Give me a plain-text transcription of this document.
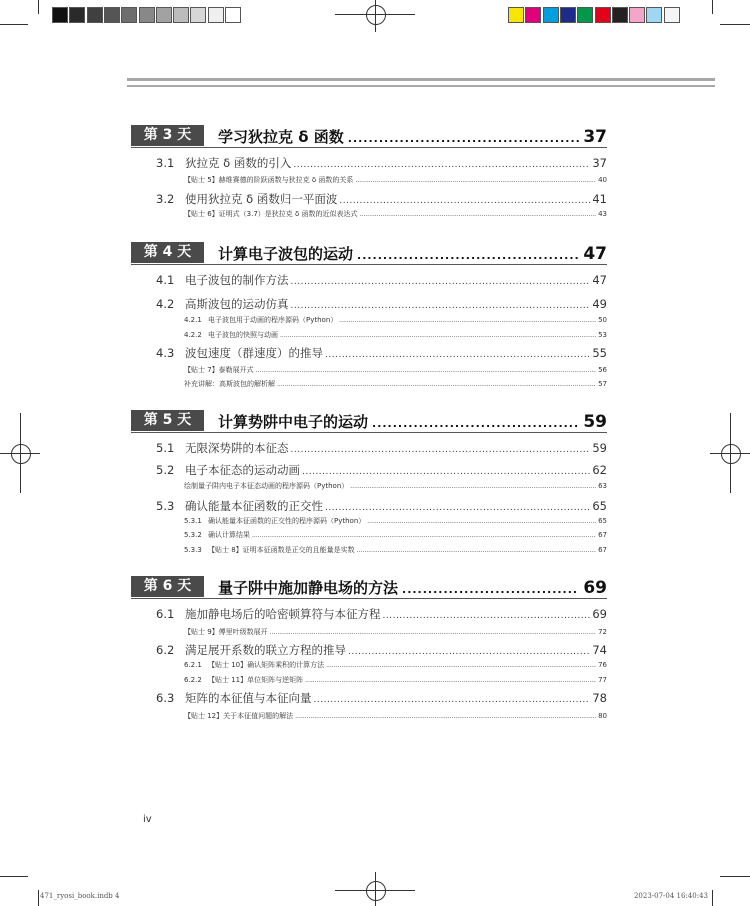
第 3 天	学习狄拉克 δ 函数 .....	37
3.1 狄拉克 δ 函数的引入 .....	37
【贴士 5】赫维赛德的阶跃函数与狄拉克 δ 函数的关系 .....	40
3.2 使用狄拉克 δ 函数归一平面波 .....	41
【贴士 6】证明式（3.7）是狄拉克 δ 函数的近似表达式 .....	43
第 4 天	计算电子波包的运动 .....	47
4.1 电子波包的制作方法 .....	47
4.2 高斯波包的运动仿真 .....	49
4.2.1 电子波包用于动画的程序源码（Python） .....	50
4.2.2 电子波包的快照与动画 .....	53
4.3 波包速度（群速度）的推导 .....	55
【贴士 7】泰勒展开式 .....	56
补充讲解：高斯波包的解析解 .....	57
第 5 天	计算势阱中电子的运动 .....	59
5.1 无限深势阱的本征态 .....	59
5.2 电子本征态的运动动画 .....	62
绘制量子阱内电子本征态动画的程序源码（Python） .....	63
5.3 确认能量本征函数的正交性 .....	65
5.3.1 确认能量本征函数的正交性的程序源码（Python） .....	65
5.3.2 确认计算结果 .....	67
5.3.3 【贴士 8】证明本征函数是正交的且能量是实数 .....	67
第 6 天	量子阱中施加静电场的方法 .....	69
6.1 施加静电场后的哈密顿算符与本征方程 .....	69
【贴士 9】傅里叶级数展开 .....	72
6.2 满足展开系数的联立方程的推导 .....	74
6.2.1 【贴士 10】确认矩阵乘积的计算方法 .....	76
6.2.2 【贴士 11】单位矩阵与逆矩阵 .....	77
6.3 矩阵的本征值与本征向量 .....	78
【贴士 12】关于本征值问题的解法 .....	80
iv
471_ryosi_book.indb 4	2023-07-04 16:40:43
